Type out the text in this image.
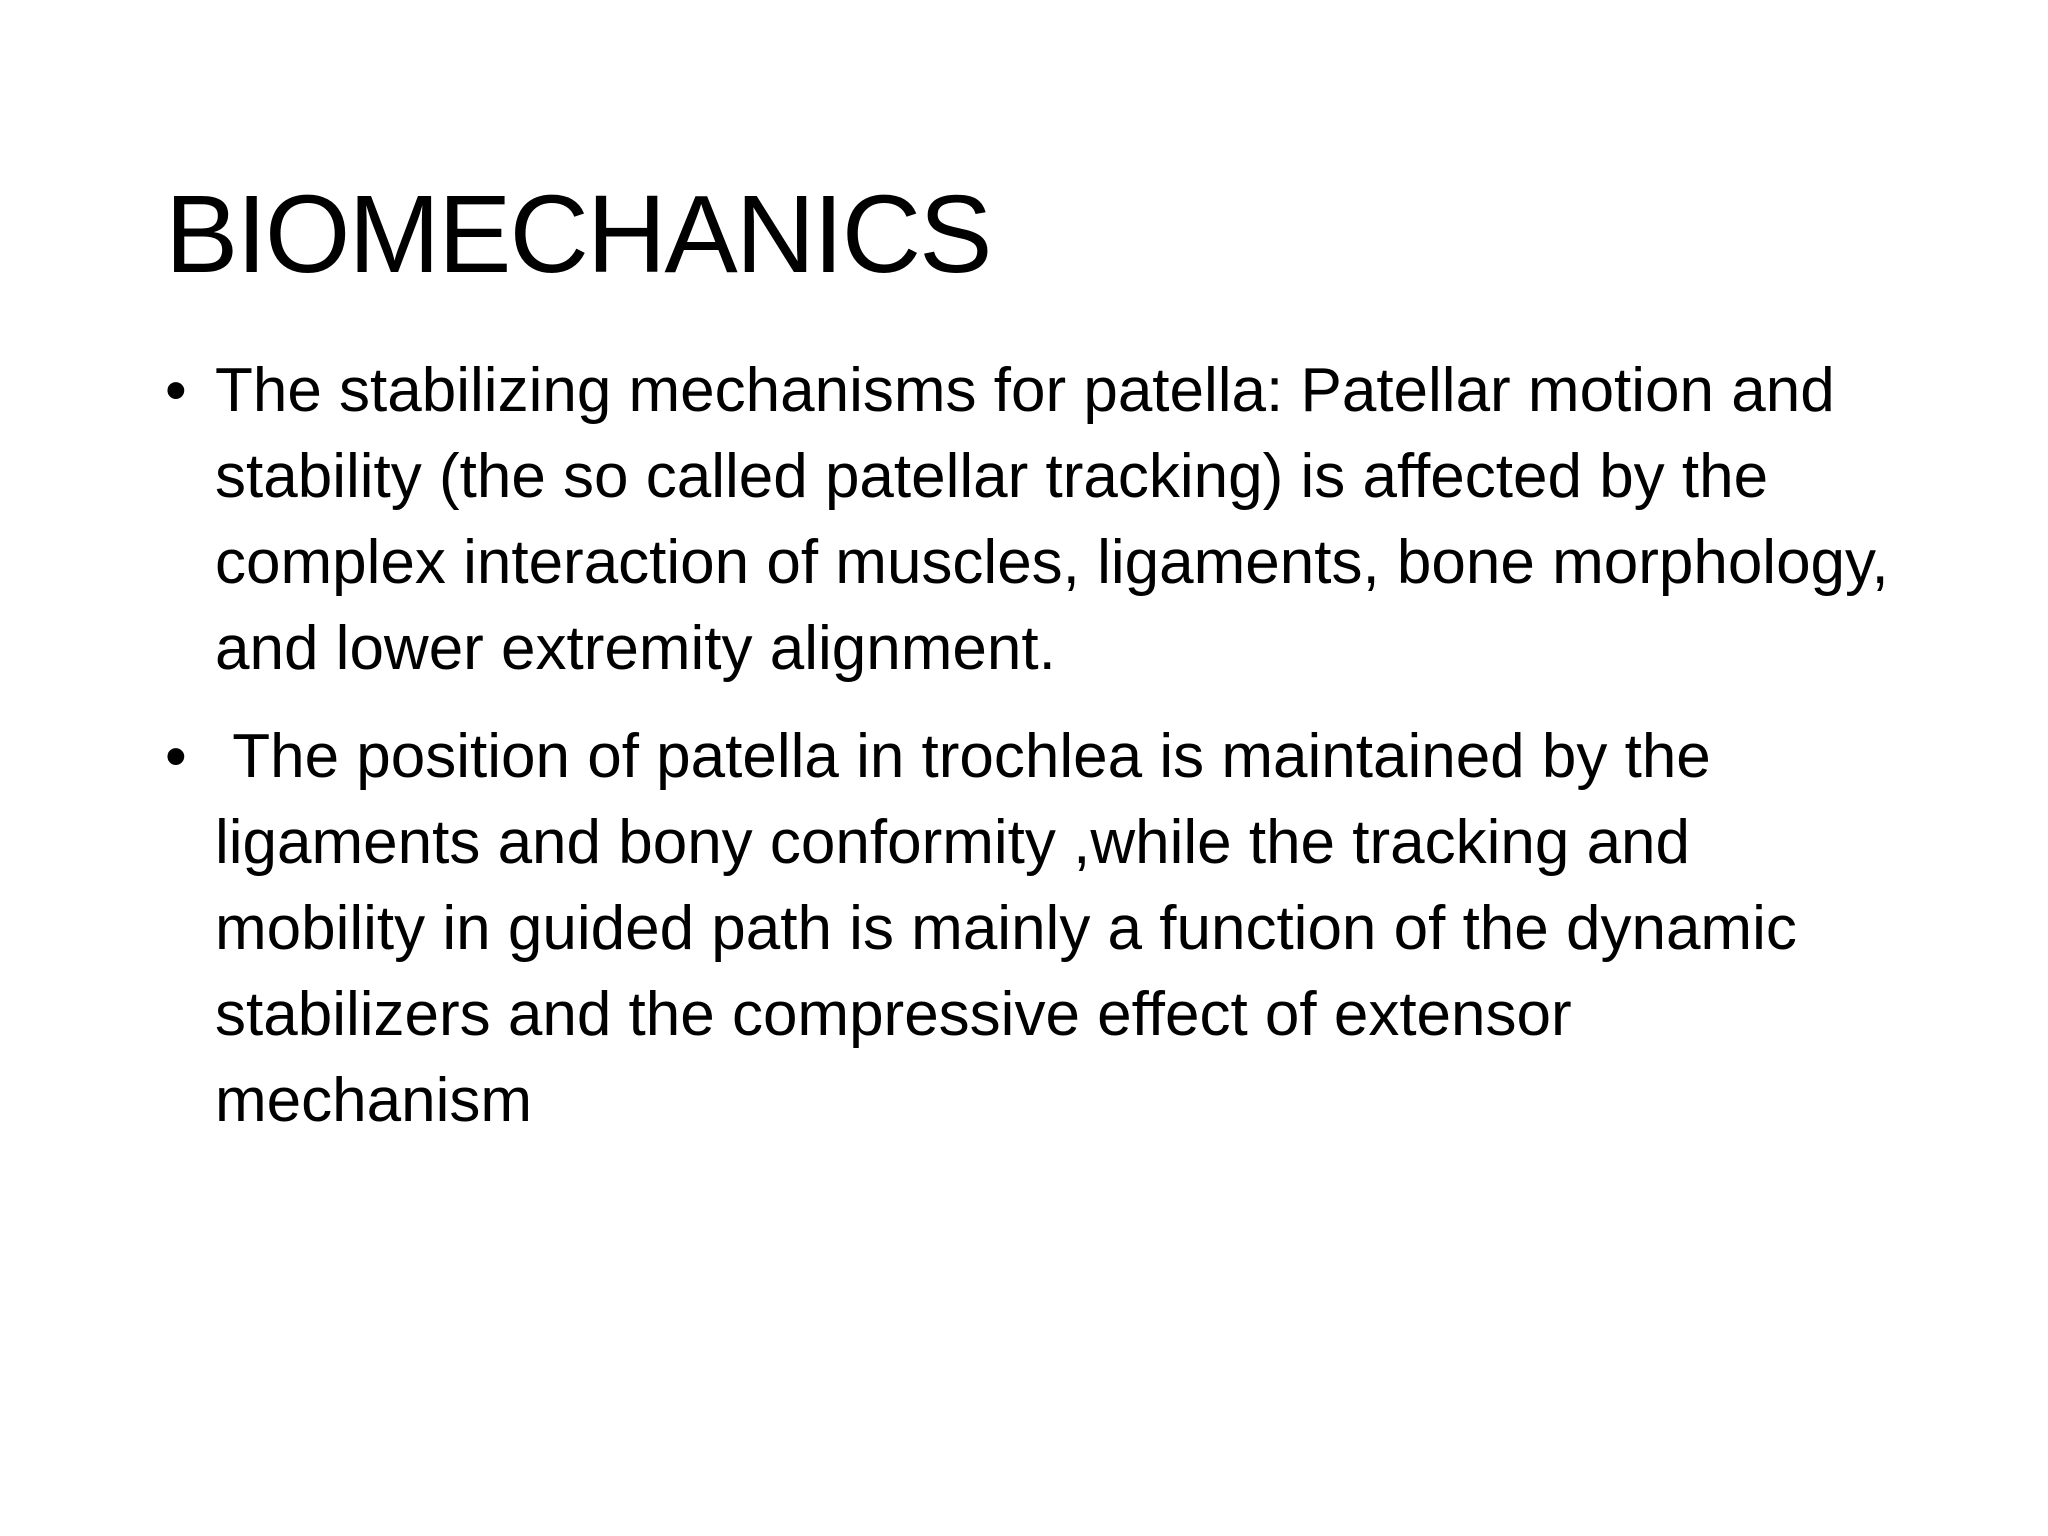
BIOMECHANICS
• The stabilizing mechanisms for patella: Patellar motion and stability (the so called patellar tracking) is affected by the complex interaction of muscles, ligaments, bone morphology, and lower extremity alignment.
• The position of patella in trochlea is maintained by the ligaments and bony conformity ,while the tracking and mobility in guided path is mainly a function of the dynamic stabilizers and the compressive effect of extensor mechanism
